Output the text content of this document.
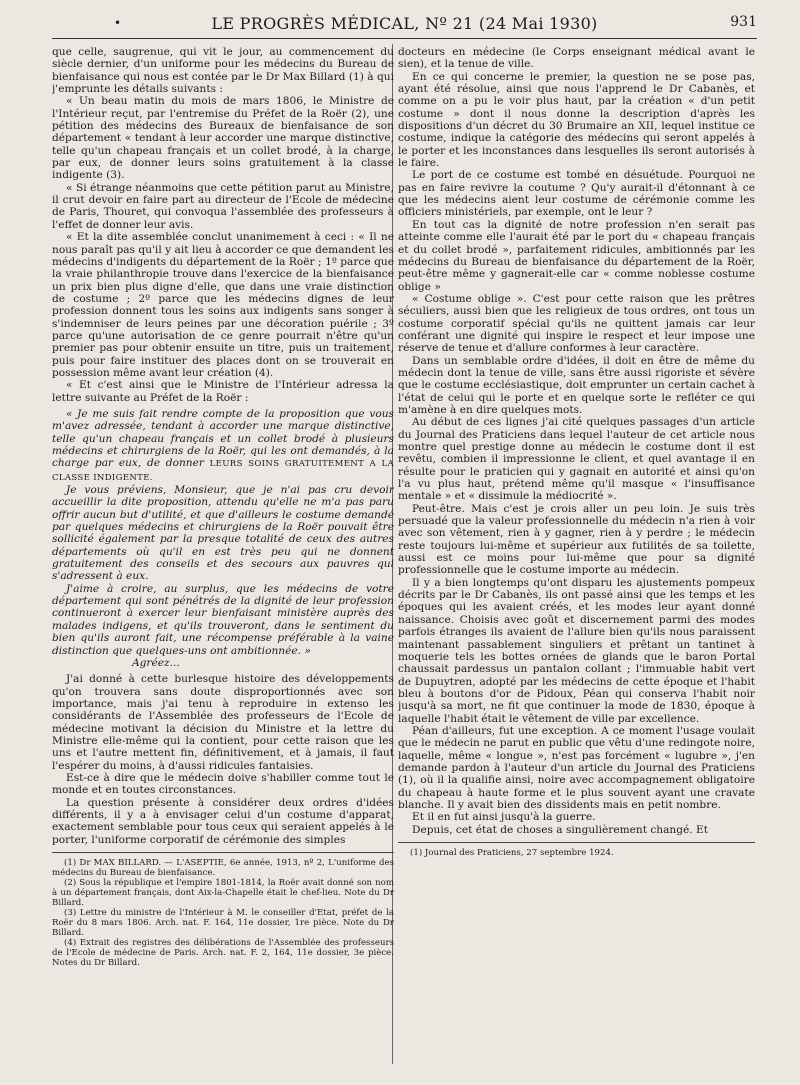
•	LE PROGRÈS MÉDICAL, Nº 21 (24 Mai 1930)	931

que celle, saugrenue, qui vit le jour, au commencement du siècle dernier, d'un uniforme pour les médecins du Bureau de bienfaisance qui nous est contée par le Dr Max Billard (1) à qui j'emprunte les détails suivants :

« Un beau matin du mois de mars 1806, le Ministre de l'Intérieur reçut, par l'entremise du Préfet de la Roër (2), une pétition des médecins des Bureaux de bienfaisance de son département « tendant à leur accorder une marque distinctive, telle qu'un chapeau français et un collet brodé, à la charge, par eux, de donner leurs soins gratuitement à la classe indigente (3).

« Si étrange néanmoins que cette pétition parut au Ministre, il crut devoir en faire part au directeur de l'Ecole de médecine de Paris, Thouret, qui convoqua l'assemblée des professeurs à l'effet de donner leur avis.

« Et la dite assemblée conclut unanimement à ceci : « Il ne nous paraît pas qu'il y ait lieu à accorder ce que demandent les médecins d'indigents du département de la Roër ; 1º parce que la vraie philanthropie trouve dans l'exercice de la bienfaisance un prix bien plus digne d'elle, que dans une vraie distinction de costume ; 2º parce que les médecins dignes de leur profession donnent tous les soins aux indigents sans songer à s'indemniser de leurs peines par une décoration puérile ; 3º parce qu'une autorisation de ce genre pourrait n'être qu'un premier pas pour obtenir ensuite un titre, puis un traitement, puis pour faire instituer des places dont on se trouverait en possession même avant leur création (4).

« Et c'est ainsi que le Ministre de l'Intérieur adressa la lettre suivante au Préfet de la Roër :

« Je me suis fait rendre compte de la proposition que vous m'avez adressée, tendant à accorder une marque distinctive, telle qu'un chapeau français et un collet brodé à plusieurs médecins et chirurgiens de la Roër, qui les ont demandés, à la charge par eux, de donner LEURS SOINS GRATUITEMENT A LA CLASSE INDIGENTE.

Je vous préviens, Monsieur, que je n'ai pas cru devoir accueillir la dite proposition, attendu qu'elle ne m'a pas paru offrir aucun but d'utilité, et que d'ailleurs le costume demandé par quelques médecins et chirurgiens de la Roër pouvait être sollicité également par la presque totalité de ceux des autres départements où qu'il en est très peu qui ne donnent gratuitement des conseils et des secours aux pauvres qui s'adressent à eux.

J'aime à croire, au surplus, que les médecins de votre département qui sont pénétrés de la dignité de leur profession continueront à exercer leur bienfaisant ministère auprès des malades indigens, et qu'ils trouveront, dans le sentiment du bien qu'ils auront fait, une récompense préférable à la vaine distinction que quelques-uns ont ambitionnée. »

Agréez...

J'ai donné à cette burlesque histoire des développements qu'on trouvera sans doute disproportionnés avec son importance, mais j'ai tenu à reproduire in extenso les considérants de l'Assemblée des professeurs de l'Ecole de médecine motivant la décision du Ministre et la lettre du Ministre elle-même qui la contient, pour cette raison que les uns et l'autre mettent fin, définitivement, et à jamais, il faut l'espérer du moins, à d'aussi ridicules fantaisies.

Est-ce à dire que le médecin doive s'habiller comme tout le monde et en toutes circonstances.

La question présente à considérer deux ordres d'idées différents, il y a à envisager celui d'un costume d'apparat, exactement semblable pour tous ceux qui seraient appelés à le porter, l'uniforme corporatif de cérémonie des simples

(1) Dr MAX BILLARD. — L'ASEPTIE, 6e année, 1913, nº 2, L'uniforme des médecins du Bureau de bienfaisance.

(2) Sous la république et l'empire 1801-1814, la Roër avait donné son nom à un département français, dont Aix-la-Chapelle était le chef-lieu. Note du Dr Billard.

(3) Lettre du ministre de l'Intérieur à M. le conseiller d'Etat, préfet de la Roër du 8 mars 1806. Arch. nat. F. 164, 11e dossier, 1re pièce. Note du Dr Billard.

(4) Extrait des registres des délibérations de l'Assemblée des professeurs de l'Ecole de médecine de Paris. Arch. nat. F. 2, 164, 11e dossier, 3e pièce. Notes du Dr Billard.

docteurs en médecine (le Corps enseignant médical avant le sien), et la tenue de ville.

En ce qui concerne le premier, la question ne se pose pas, ayant été résolue, ainsi que nous l'apprend le Dr Cabanès, et comme on a pu le voir plus haut, par la création « d'un petit costume » dont il nous donne la description d'après les dispositions d'un décret du 30 Brumaire an XII, lequel institue ce costume, indique la catégorie des médecins qui seront appelés à le porter et les inconstances dans lesquelles ils seront autorisés à le faire.

Le port de ce costume est tombé en désuétude. Pourquoi ne pas en faire revivre la coutume ? Qu'y aurait-il d'étonnant à ce que les médecins aient leur costume de cérémonie comme les officiers ministériels, par exemple, ont le leur ?

En tout cas la dignité de notre profession n'en serait pas atteinte comme elle l'aurait été par le port du « chapeau français et du collet brodé », parfaitement ridicules, ambitionnés par les médecins du Bureau de bienfaisance du département de la Roër, peut-être même y gagnerait-elle car « comme noblesse costume oblige »

« Costume oblige ». C'est pour cette raison que les prêtres séculiers, aussi bien que les religieux de tous ordres, ont tous un costume corporatif spécial qu'ils ne quittent jamais car leur conférant une dignité qui inspire le respect et leur impose une réserve de tenue et d'allure conformes à leur caractère.

Dans un semblable ordre d'idées, il doit en être de même du médecin dont la tenue de ville, sans être aussi rigoriste et sévère que le costume ecclésiastique, doit emprunter un certain cachet à l'état de celui qui le porte et en quelque sorte le refléter ce qui m'amène à en dire quelques mots.

Au début de ces lignes j'ai cité quelques passages d'un article du Journal des Praticiens dans lequel l'auteur de cet article nous montre quel prestige donne au médecin le costume dont il est revêtu, combien il impressionne le client, et quel avantage il en résulte pour le praticien qui y gagnait en autorité et ainsi qu'on l'a vu plus haut, prétend même qu'il masque « l'insuffisance mentale » et « dissimule la médiocrité ».

Peut-être. Mais c'est je crois aller un peu loin. Je suis très persuadé que la valeur professionnelle du médecin n'a rien à voir avec son vêtement, rien à y gagner, rien à y perdre ; le médecin reste toujours lui-même et supérieur aux futilités de sa toilette, aussi est ce moins pour lui-même que pour sa dignité professionnelle que le costume importe au médecin.

Il y a bien longtemps qu'ont disparu les ajustements pompeux décrits par le Dr Cabanès, ils ont passé ainsi que les temps et les époques qui les avaient créés, et les modes leur ayant donné naissance. Choisis avec goût et discernement parmi des modes parfois étranges ils avaient de l'allure bien qu'ils nous paraissent maintenant passablement singuliers et prêtant un tantinet à moquerie tels les bottes ornées de glands que le baron Portal chaussait pardessus un pantalon collant ; l'immuable habit vert de Dupuytren, adopté par les médecins de cette époque et l'habit bleu à boutons d'or de Pidoux, Péan qui conserva l'habit noir jusqu'à sa mort, ne fit que continuer la mode de 1830, époque à laquelle l'habit était le vêtement de ville par excellence.

Péan d'ailleurs, fut une exception. A ce moment l'usage voulait que le médecin ne parut en public que vêtu d'une redingote noire, laquelle, même « longue », n'est pas forcément « lugubre », j'en demande pardon à l'auteur d'un article du Journal des Praticiens (1), où il la qualifie ainsi, noire avec accompagnement obligatoire du chapeau à haute forme et le plus souvent ayant une cravate blanche. Il y avait bien des dissidents mais en petit nombre.

Et il en fut ainsi jusqu'à la guerre.

Depuis, cet état de choses a singulièrement changé. Et

(1) Journal des Praticiens, 27 septembre 1924.
